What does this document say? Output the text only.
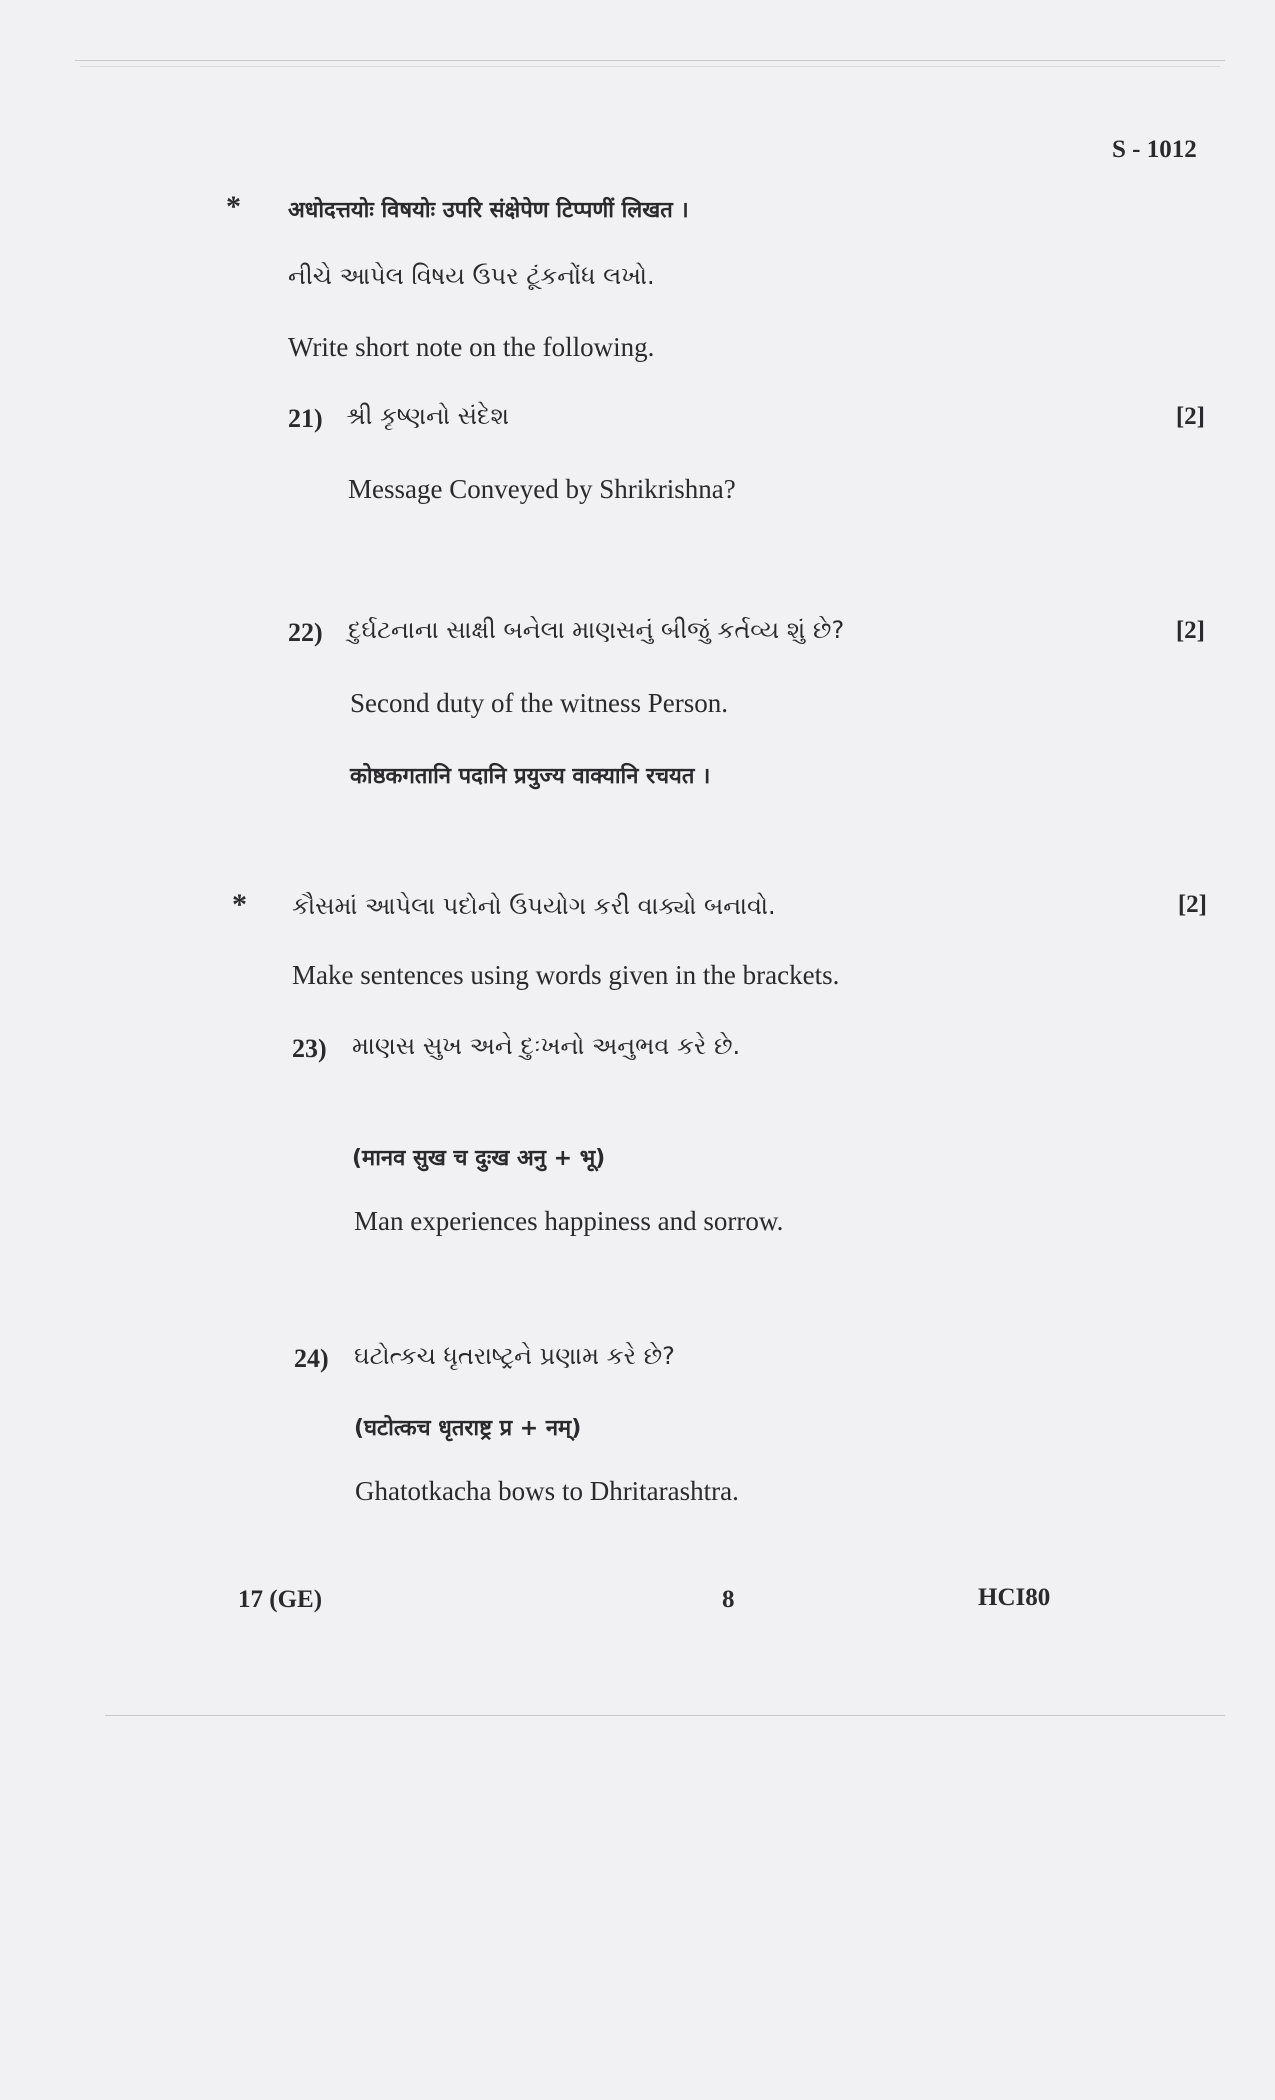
S - 1012
* अधोदत्तयोः विषयोः उपरि संक्षेपेण टिप्पणीं लिखत ।
નીચે આપેલ વિષય ઉપર ટૂંકનોંધ લખો.
Write short note on the following.
21) શ્રી કૃષ્ણનો સંદેશ	[2]
Message Conveyed by Shrikrishna?
22) દુર્ઘટનાના સાક્ષી બનેલા માણસનું બીજું કર્તવ્ય શું છે?	[2]
Second duty of the witness Person.
कोष्ठकगतानि पदानि प्रयुज्य वाक्यानि रचयत ।
* કૌસમાં આપેલા પદોનો ઉપયોગ કરી વાક્યો બનાવો.	[2]
Make sentences using words given in the brackets.
23) માણસ સુખ અને દુઃખનો અનુભવ કરે છે.
(मानव सुख च दुःख अनु + भू)
Man experiences happiness and sorrow.
24) ઘટોત્કચ ધૃતરાષ્ટ્રને પ્રણામ કરે છે?
(घटोत्कच धृतराष्ट्र प्र + नम्)
Ghatotkacha bows to Dhritarashtra.
17 (GE)	8	HCI80
